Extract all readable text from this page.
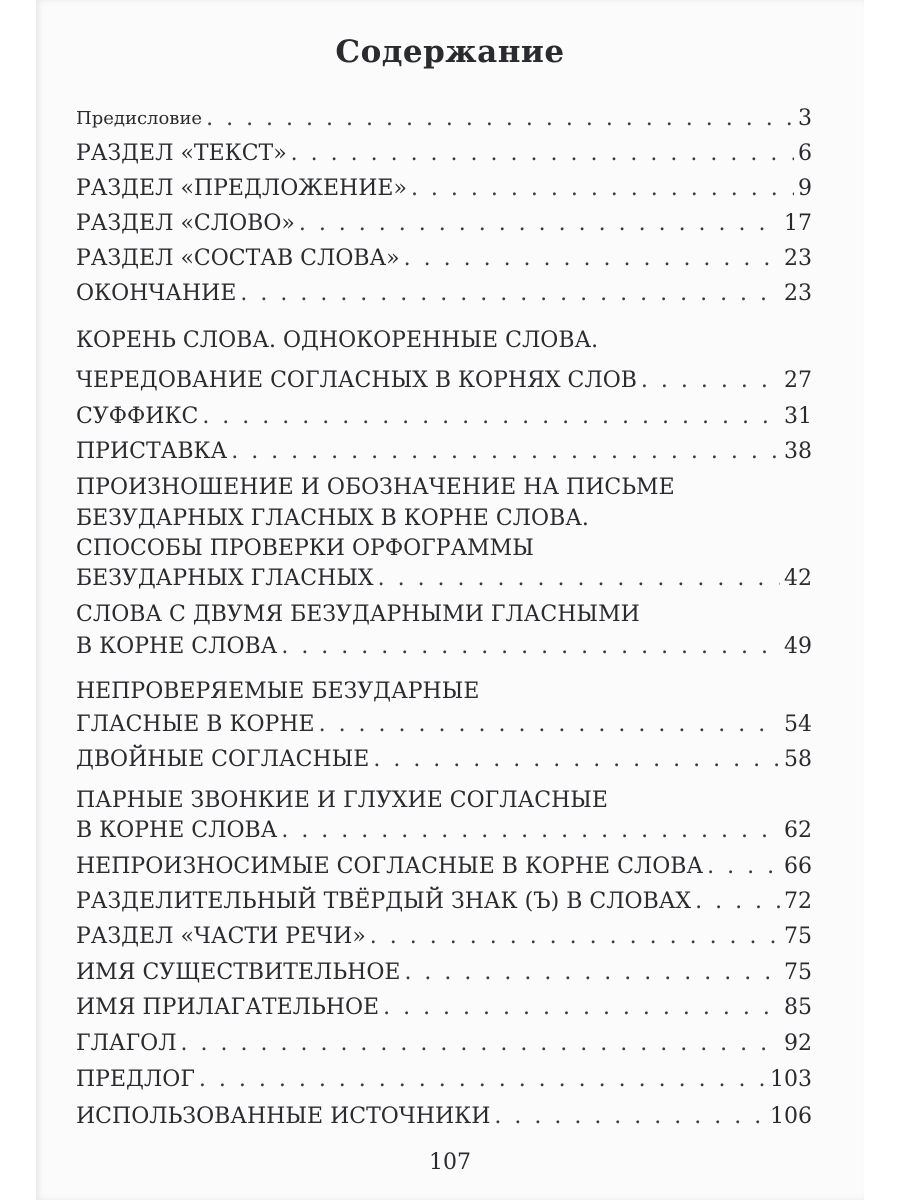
Содержание
Предисловие . . .	3
РАЗДЕЛ «ТЕКСТ» . . .	6
РАЗДЕЛ «ПРЕДЛОЖЕНИЕ» . . .	9
РАЗДЕЛ «СЛОВО» . . .	17
РАЗДЕЛ «СОСТАВ СЛОВА» . . .	23
ОКОНЧАНИЕ . . .	23
КОРЕНЬ СЛОВА. ОДНОКОРЕННЫЕ СЛОВА.
ЧЕРЕДОВАНИЕ СОГЛАСНЫХ В КОРНЯХ СЛОВ . . .	27
СУФФИКС . . .	31
ПРИСТАВКА . . .	38
ПРОИЗНОШЕНИЕ И ОБОЗНАЧЕНИЕ НА ПИСЬМЕ
БЕЗУДАРНЫХ ГЛАСНЫХ В КОРНЕ СЛОВА.
СПОСОБЫ ПРОВЕРКИ ОРФОГРАММЫ
БЕЗУДАРНЫХ ГЛАСНЫХ . . .	42
СЛОВА С ДВУМЯ БЕЗУДАРНЫМИ ГЛАСНЫМИ
В КОРНЕ СЛОВА . . .	49
НЕПРОВЕРЯЕМЫЕ БЕЗУДАРНЫЕ
ГЛАСНЫЕ В КОРНЕ . . .	54
ДВОЙНЫЕ СОГЛАСНЫЕ . . .	58
ПАРНЫЕ ЗВОНКИЕ И ГЛУХИЕ СОГЛАСНЫЕ
В КОРНЕ СЛОВА . . .	62
НЕПРОИЗНОСИМЫЕ СОГЛАСНЫЕ В КОРНЕ СЛОВА . . .	66
РАЗДЕЛИТЕЛЬНЫЙ ТВЁРДЫЙ ЗНАК (Ъ) В СЛОВАХ . . .	72
РАЗДЕЛ «ЧАСТИ РЕЧИ» . . .	75
ИМЯ СУЩЕСТВИТЕЛЬНОЕ . . .	75
ИМЯ ПРИЛАГАТЕЛЬНОЕ . . .	85
ГЛАГОЛ . . .	92
ПРЕДЛОГ . . .	103
ИСПОЛЬЗОВАННЫЕ ИСТОЧНИКИ . . .	106
107
